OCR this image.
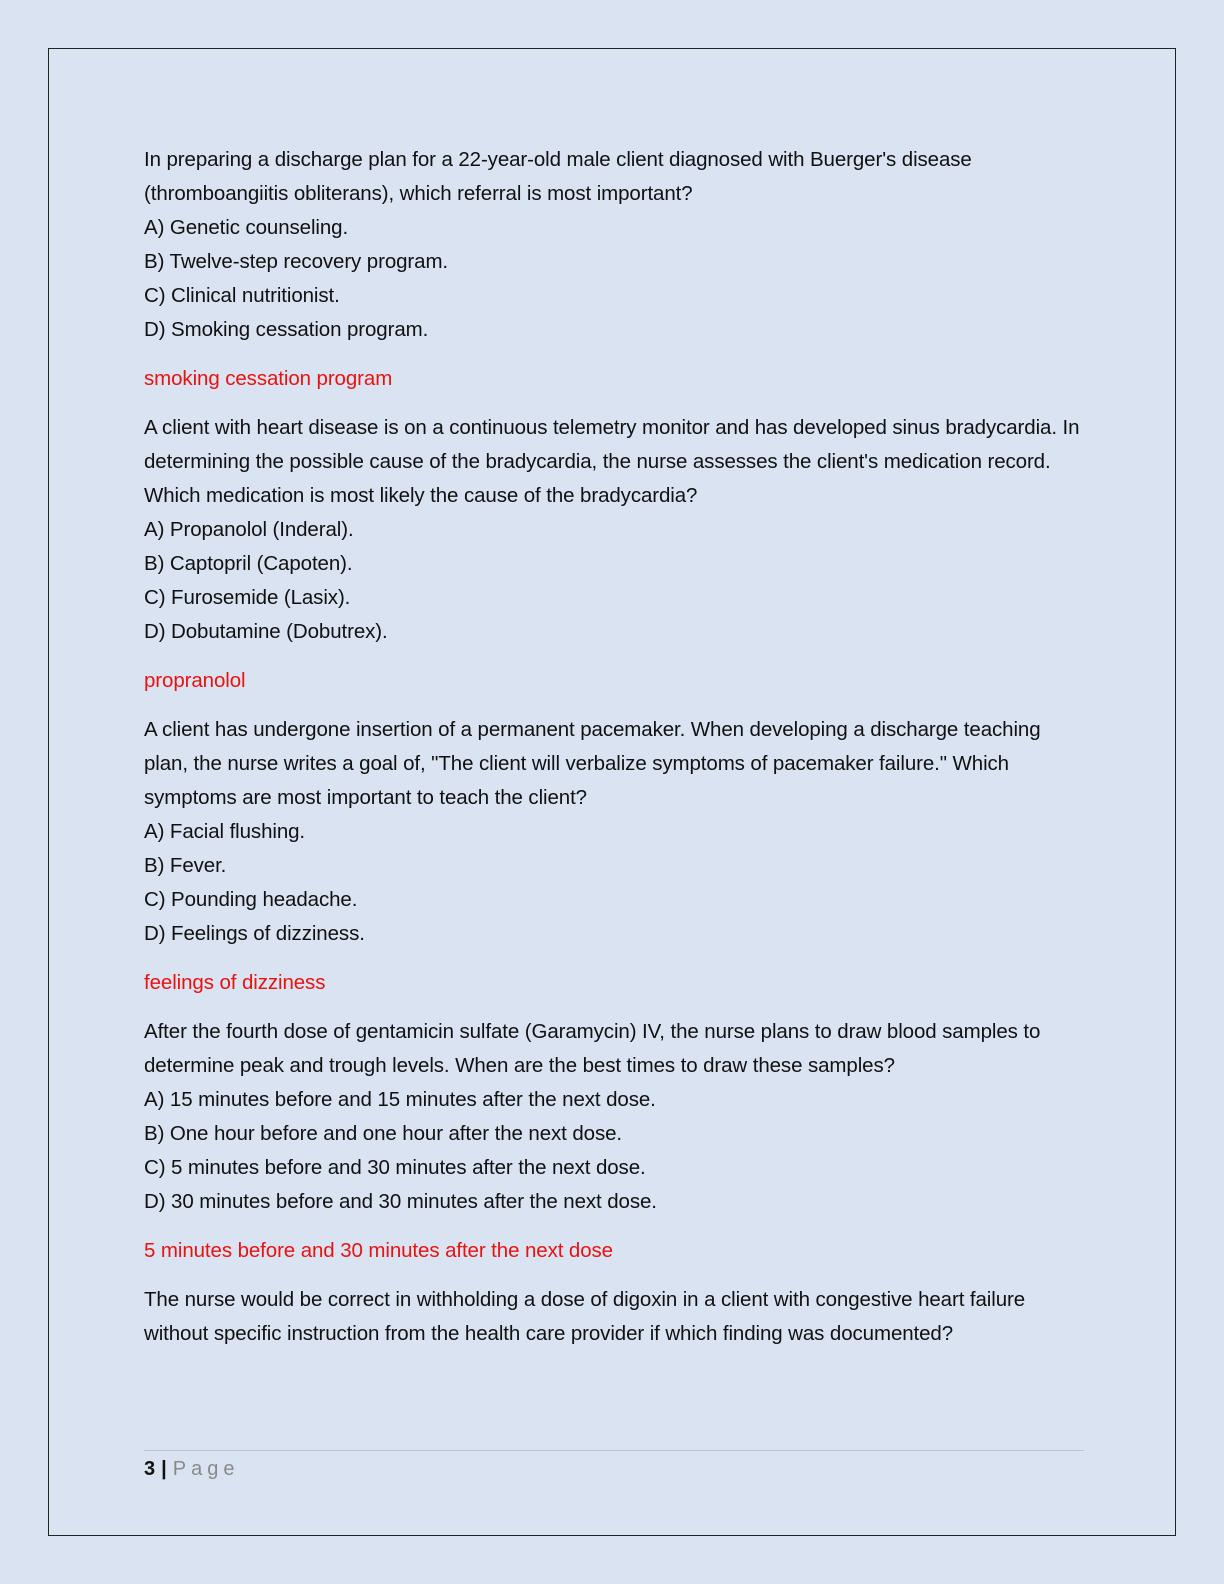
In preparing a discharge plan for a 22-year-old male client diagnosed with Buerger's disease (thromboangiitis obliterans), which referral is most important?

A) Genetic counseling.
B) Twelve-step recovery program.
C) Clinical nutritionist.
D) Smoking cessation program.

smoking cessation program

A client with heart disease is on a continuous telemetry monitor and has developed sinus bradycardia. In determining the possible cause of the bradycardia, the nurse assesses the client's medication record. Which medication is most likely the cause of the bradycardia?

A) Propanolol (Inderal).
B) Captopril (Capoten).
C) Furosemide (Lasix).
D) Dobutamine (Dobutrex).

propranolol

A client has undergone insertion of a permanent pacemaker. When developing a discharge teaching plan, the nurse writes a goal of, "The client will verbalize symptoms of pacemaker failure." Which symptoms are most important to teach the client?

A) Facial flushing.
B) Fever.
C) Pounding headache.
D) Feelings of dizziness.

feelings of dizziness

After the fourth dose of gentamicin sulfate (Garamycin) IV, the nurse plans to draw blood samples to determine peak and trough levels. When are the best times to draw these samples?

A) 15 minutes before and 15 minutes after the next dose.
B) One hour before and one hour after the next dose.
C) 5 minutes before and 30 minutes after the next dose.
D) 30 minutes before and 30 minutes after the next dose.

5 minutes before and 30 minutes after the next dose

The nurse would be correct in withholding a dose of digoxin in a client with congestive heart failure without specific instruction from the health care provider if which finding was documented?

3 | Page
